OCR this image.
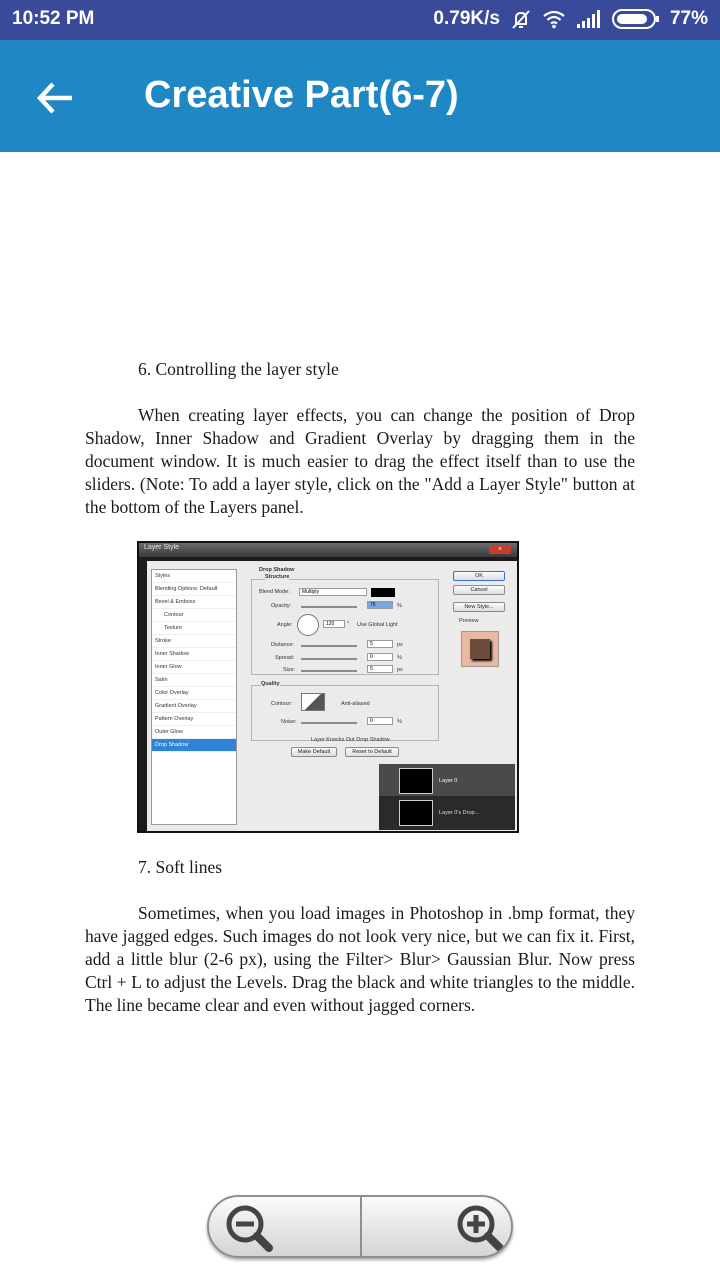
10:52 PM	0.79K/s	77%
Creative Part(6-7)
6. Controlling the layer style
When creating layer effects, you can change the position of Drop Shadow, Inner Shadow and Gradient Overlay by dragging them in the document window. It is much easier to drag the effect itself than to use the sliders. (Note: To add a layer style, click on the "Add a Layer Style" button at the bottom of the Layers panel.
Layer Style	×
Styles
Blending Options: Default
Bevel & Emboss
Contour
Texture
Stroke
Inner Shadow
Inner Glow
Satin
Color Overlay
Gradient Overlay
Pattern Overlay
Outer Glow
Drop Shadow
Drop Shadow
Structure
Blend Mode:	Multiply
Opacity:	75	%
Angle:	120	° Use Global Light
Distance:	5	px
Spread:	0	%
Size:	5	px
Quality
Contour:	Anti-aliased
Noise:	0	%
Layer Knocks Out Drop Shadow
Make Default	Reset to Default
OK
Cancel
New Style...
Preview
Layer 0
Layer 0's Drop...
7. Soft lines
Sometimes, when you load images in Photoshop in .bmp format, they have jagged edges. Such images do not look very nice, but we can fix it. First, add a little blur (2-6 px), using the Filter> Blur> Gaussian Blur. Now press Ctrl + L to adjust the Levels. Drag the black and white triangles to the middle. The line became clear and even without jagged corners.
